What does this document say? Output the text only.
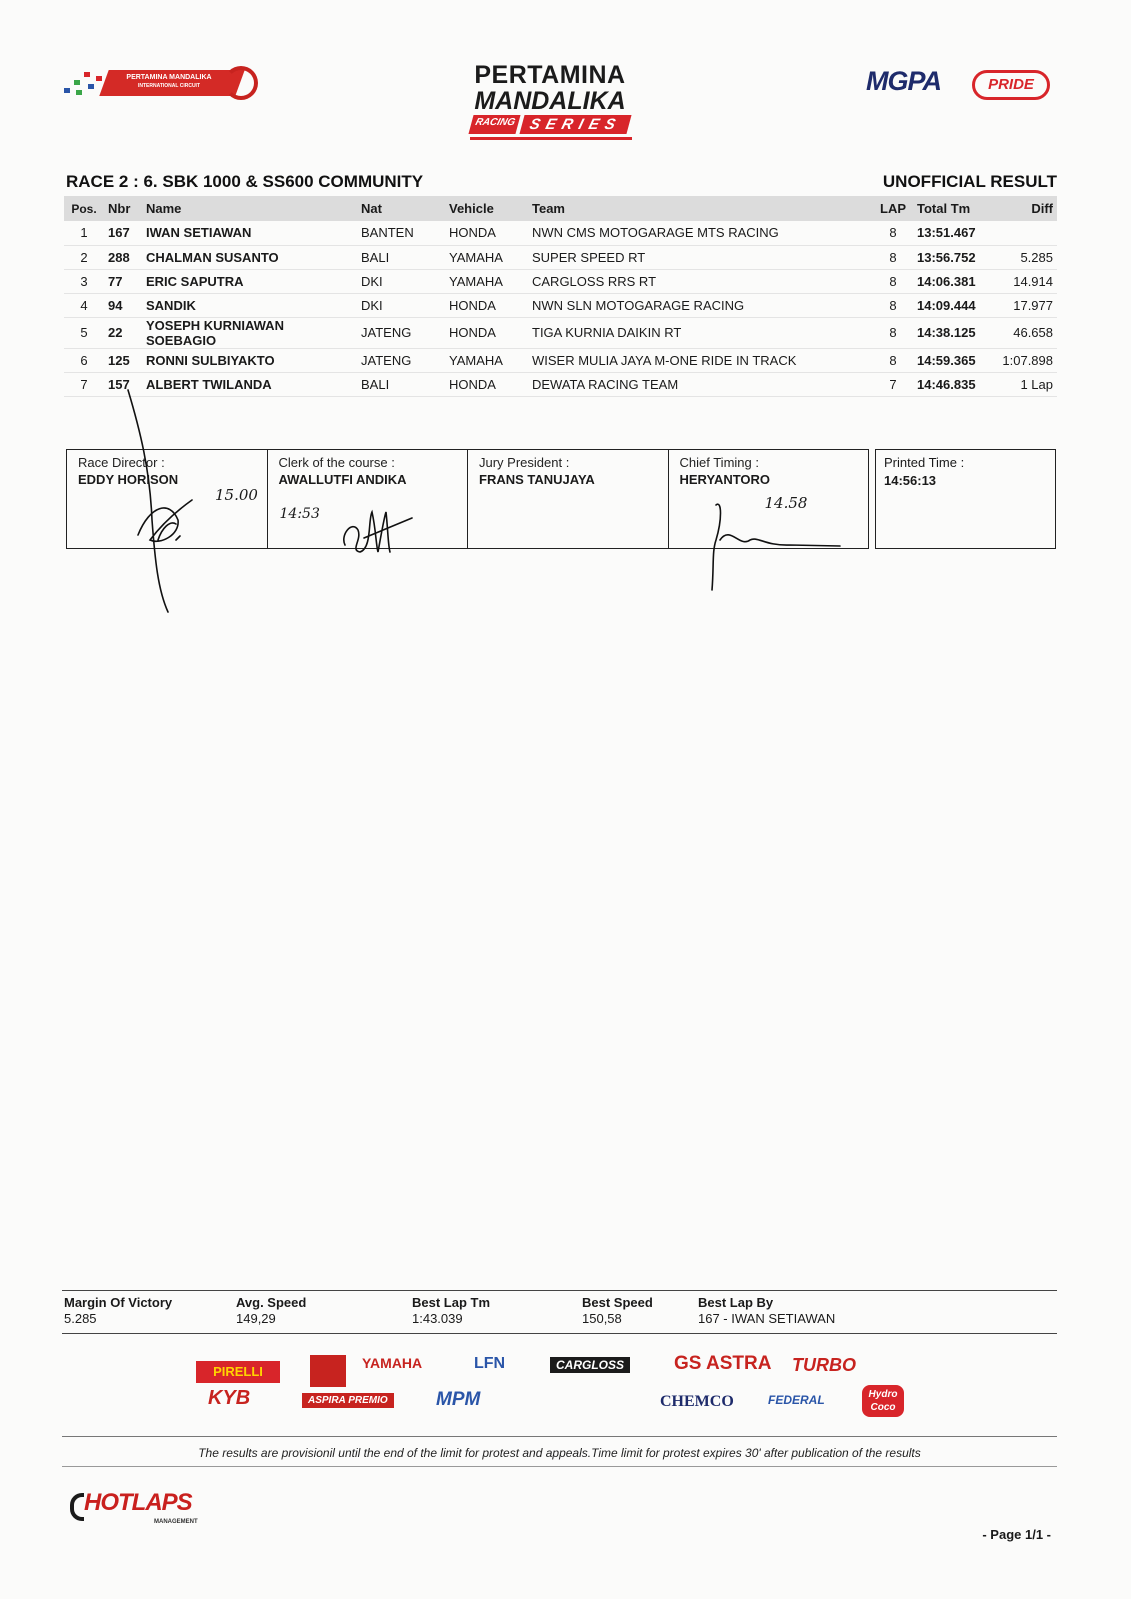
PERTAMINA MANDALIKA
INTERNATIONAL CIRCUIT	PERTAMINA
MANDALIKA
RACING SERIES
MGPA	PRIDE
RACE 2 : 6. SBK 1000 & SS600 COMMUNITY	UNOFFICIAL RESULT
Pos.	Nbr	Name	Nat	Vehicle	Team	LAP	Total Tm	Diff
1	167	IWAN SETIAWAN	BANTEN	HONDA	NWN CMS MOTOGARAGE MTS RACING	8	13:51.467	
2	288	CHALMAN SUSANTO	BALI	YAMAHA	SUPER SPEED RT	8	13:56.752	5.285
3	77	ERIC SAPUTRA	DKI	YAMAHA	CARGLOSS RRS RT	8	14:06.381	14.914
4	94	SANDIK	DKI	HONDA	NWN SLN MOTOGARAGE RACING	8	14:09.444	17.977
5	22	YOSEPH KURNIAWAN SOEBAGIO	JATENG	HONDA	TIGA KURNIA DAIKIN RT	8	14:38.125	46.658
6	125	RONNI SULBIYAKTO	JATENG	YAMAHA	WISER MULIA JAYA M-ONE RIDE IN TRACK	8	14:59.365	1:07.898
7	157	ALBERT TWILANDA	BALI	HONDA	DEWATA RACING TEAM	7	14:46.835	1 Lap
Race Director :
EDDY HORISON
15.00
Clerk of the course :
AWALLUTFI ANDIKA
14:53
Jury President :
FRANS TANUJAYA
Chief Timing :
HERYANTORO
14.58
Printed Time :
14:56:13
Margin Of Victory
5.285
Avg. Speed
149,29
Best Lap Tm
1:43.039
Best Speed
150,58
Best Lap By
167 - IWAN SETIAWAN
PIRELLI
YAMAHA	LFN	CARGLOSS	GS ASTRA TURBO
KYB	ASPIRA PREMIO	MPM	CHEMCO	FEDERAL	Hydro Coco
The results are provisionil until the end of the limit for protest and appeals.Time limit for protest expires 30' after publication of the results
HOTLAPS
MANAGEMENT
- Page 1/1 -
